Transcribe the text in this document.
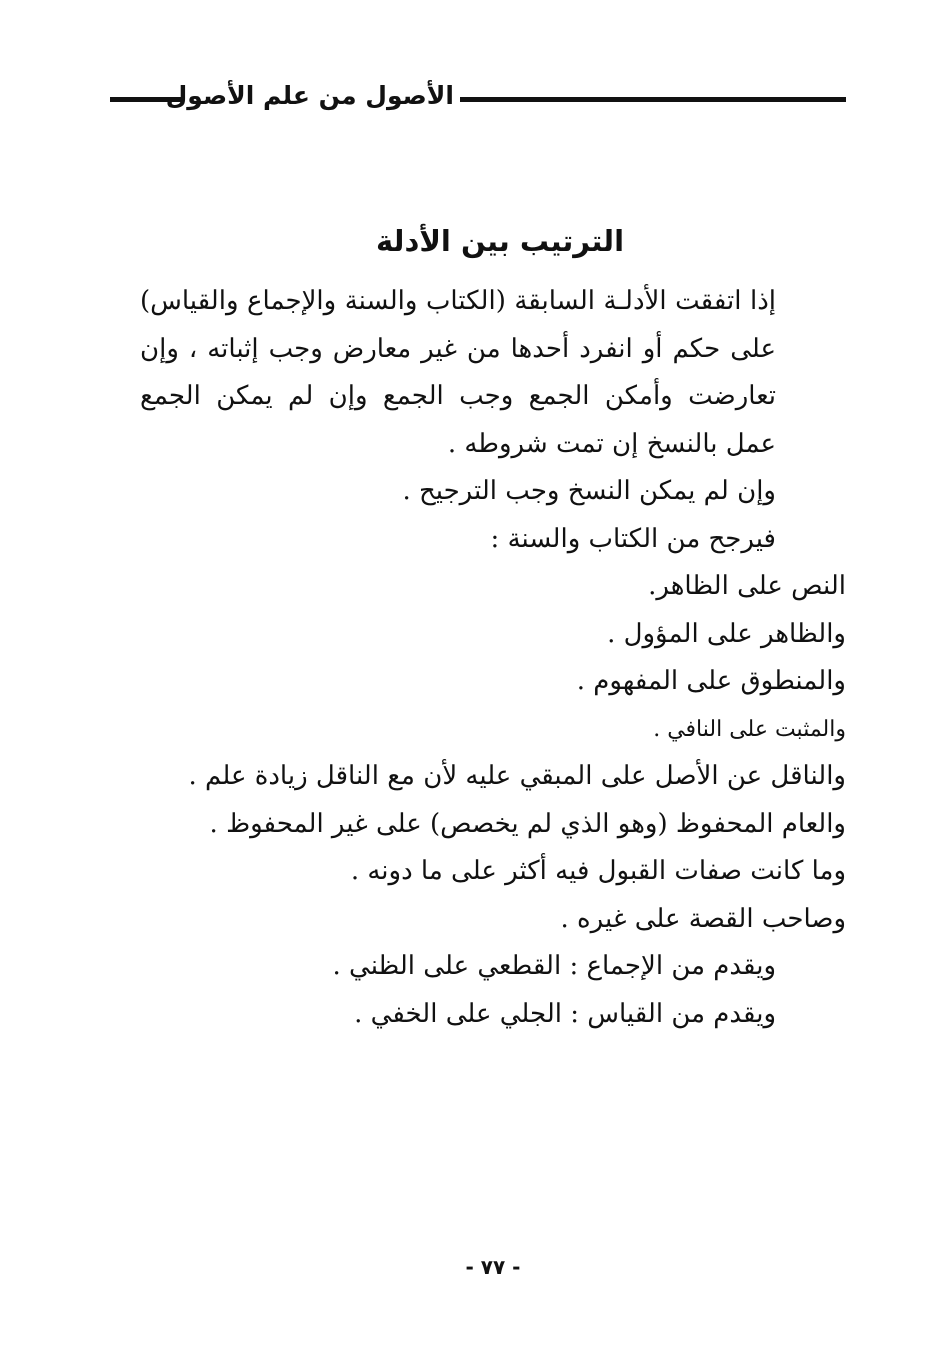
الأصول من علم الأصول
الترتيب بين الأدلة

إذا اتفقت الأدلـة السابقة (الكتاب والسنة والإجماع والقياس) على حكم أو انفرد أحدها من غير معارض وجب إثباته ، وإن تعارضت وأمكن الجمع وجب الجمع وإن لم يمكن الجمع عمل بالنسخ إن تمت شروطه .

وإن لم يمكن النسخ وجب الترجيح .

فيرجح من الكتاب والسنة :

النص على الظاهر.

والظاهر على المؤول .

والمنطوق على المفهوم .

والمثبت على النافي .

والناقل عن الأصل على المبقي عليه لأن مع الناقل زيادة علم .

والعام المحفوظ (وهو الذي لم يخصص) على غير المحفوظ .

وما كانت صفات القبول فيه أكثر على ما دونه .

وصاحب القصة على غيره .

ويقدم من الإجماع : القطعي على الظني .

ويقدم من القياس : الجلي على الخفي .

- ٧٧ -
